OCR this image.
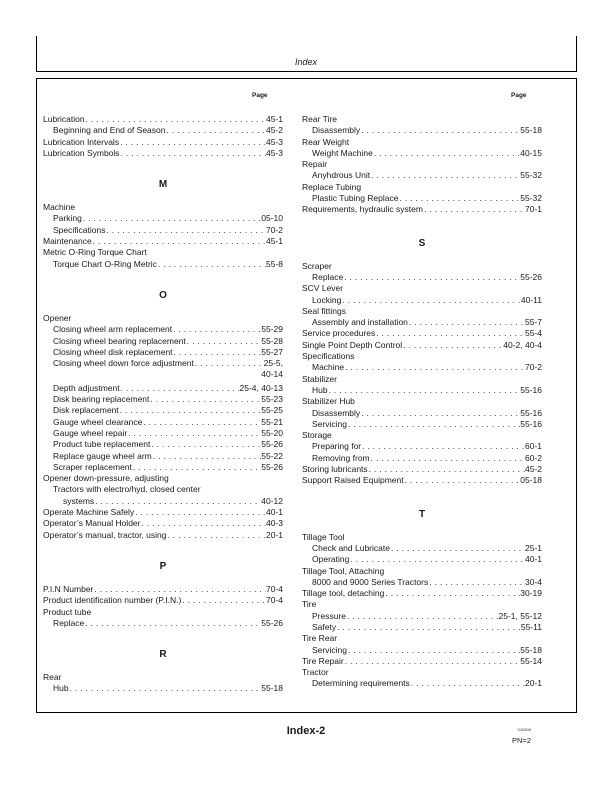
Index
Page	Page
Lubrication . . .	45-1
Beginning and End of Season . . .	45-2
Lubrication Intervals . . .	45-3
Lubrication Symbols . . .	45-3
M
Machine
Parking . . .	05-10
Specifications . . .	70-2
Maintenance . . .	45-1
Metric O-Ring Torque Chart
Torque Chart O-Ring Metric . . .	55-8
O
Opener
Closing wheel arm replacement . . .	55-29
Closing wheel bearing replacement . . .	55-28
Closing wheel disk replacement . . .	55-27
Closing wheel down force adjustment . . .	25-5,
40-14
Depth adjustment . . .	25-4, 40-13
Disk bearing replacement . . .	55-23
Disk replacement . . .	55-25
Gauge wheel clearance . . .	55-21
Gauge wheel repair . . .	55-20
Product tube replacement . . .	55-26
Replace gauge wheel arm . . .	55-22
Scraper replacement . . .	55-26
Opener down-pressure, adjusting
Tractors with electro/hyd. closed center
systems . . .	40-12
Operate Machine Safely . . .	40-1
Operator’s Manual Holder . . .	40-3
Operator’s manual, tractor, using . . .	20-1
P
P.I.N Number . . .	70-4
Product identification number (P.I.N.) . . .	70-4
Product tube
Replace . . .	55-26
R
Rear
Hub . . .	55-18
Rear Tire
Disassembly . . .	55-18
Rear Weight
Weight Machine . . .	40-15
Repair
Anyhdrous Unit . . .	55-32
Replace Tubing
Plastic Tubing Replace . . .	55-32
Requirements, hydraulic system . . .	70-1
S
Scraper
Replace . . .	55-26
SCV Lever
Locking . . .	40-11
Seal fittings
Assembly and installation . . .	55-7
Service procedures . . .	55-4
Single Point Depth Control . . .	40-2, 40-4
Specifications
Machine . . .	70-2
Stabilizer
Hub . . .	55-16
Stabilizer Hub
Disassembly . . .	55-16
Servicing . . .	55-16
Storage
Preparing for . . .	60-1
Removing from . . .	60-2
Storing lubricants . . .	45-2
Support Raised Equipment . . .	05-18
T
Tillage Tool
Check and Lubricate . . .	25-1
Operating . . .	40-1
Tillage Tool, Attaching
8000 and 9000 Series Tractors . . .	30-4
Tillage tool, detaching . . .	30-19
Tire
Pressure . . .	25-1, 55-12
Safety . . .	55-11
Tire Rear
Servicing . . .	55-18
Tire Repair . . .	55-14
Tractor
Determining requirements . . .	20-1
Index-2	040808
PN=2
